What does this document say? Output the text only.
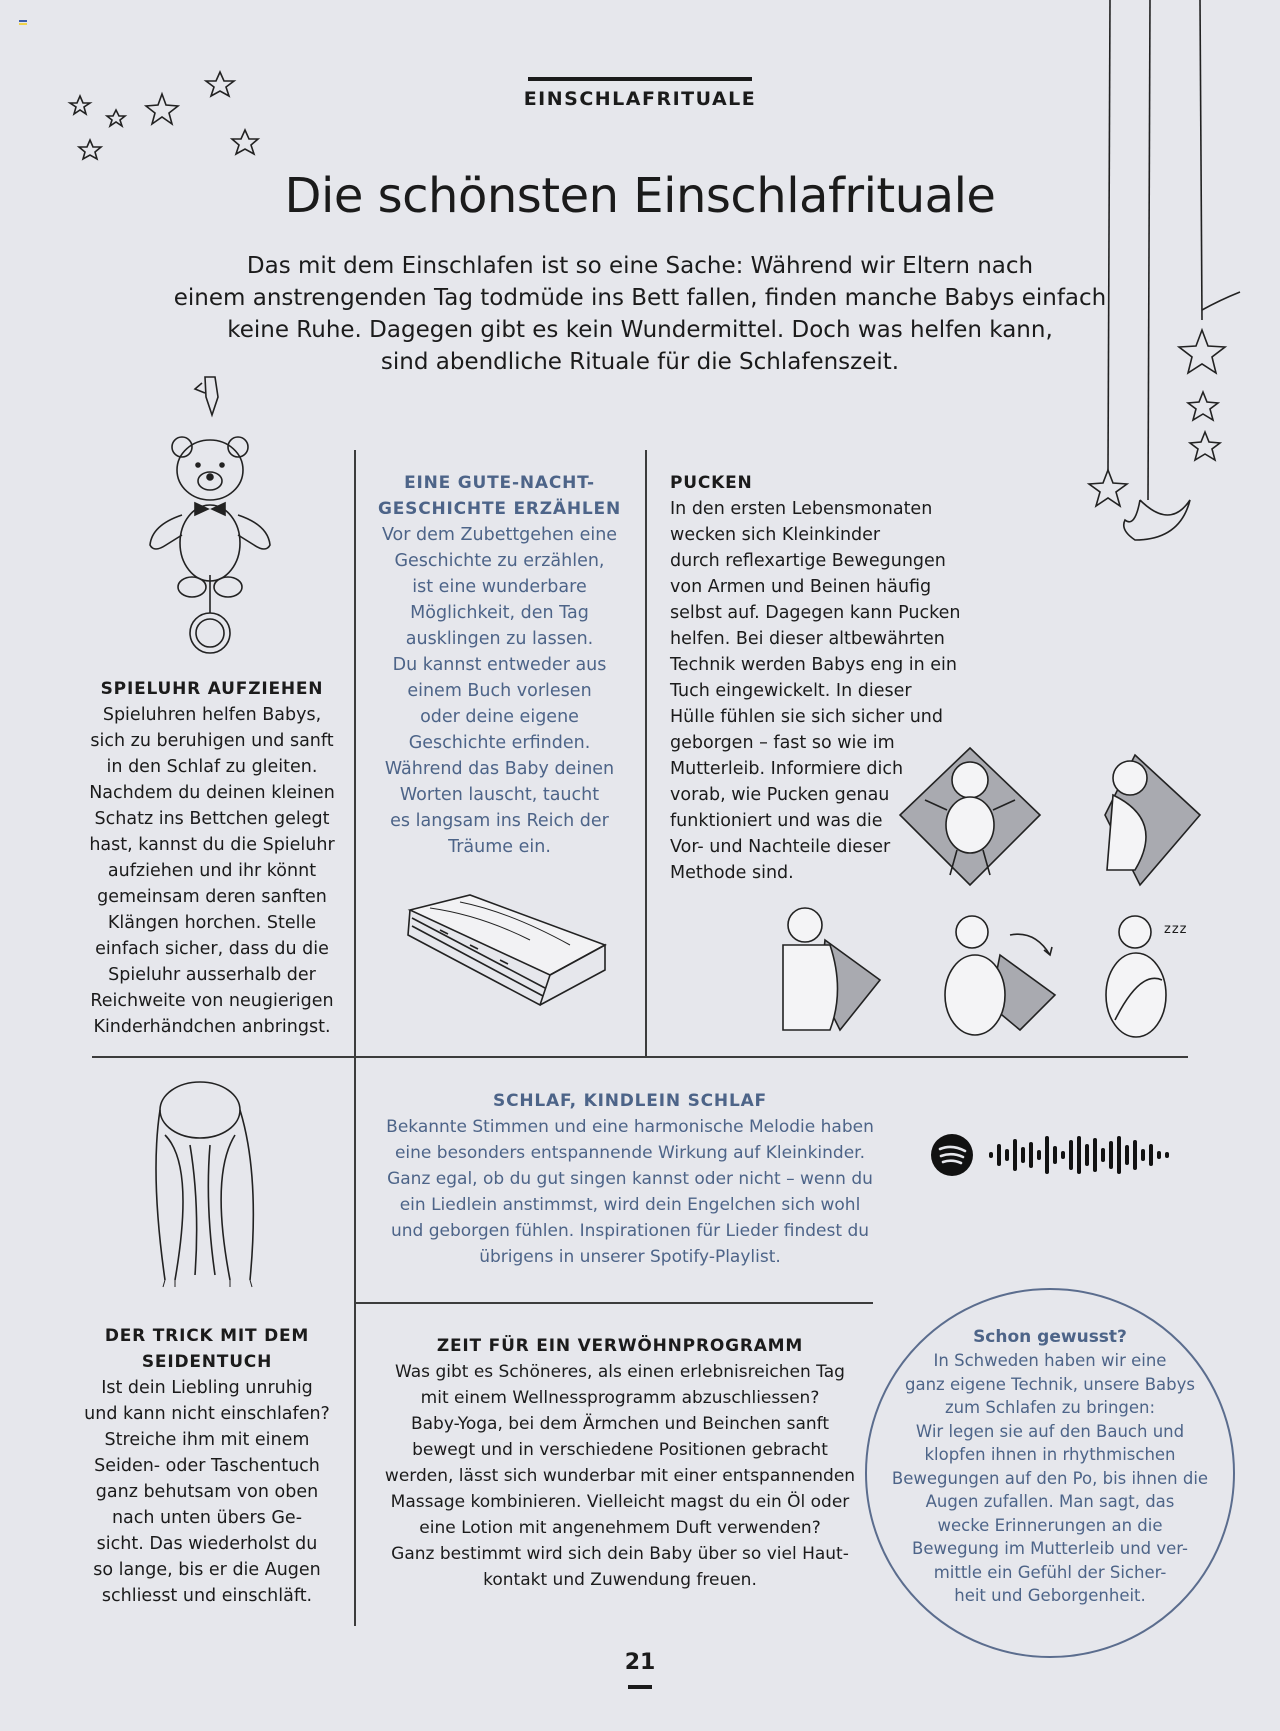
EINSCHLAFRITUALE
Die schönsten Einschlafrituale
Das mit dem Einschlafen ist so eine Sache: Während wir Eltern nach
einem anstrengenden Tag todmüde ins Bett fallen, finden manche Babys einfach
keine Ruhe. Dagegen gibt es kein Wundermittel. Doch was helfen kann,
sind abendliche Rituale für die Schlafenszeit.
SPIELUHR AUFZIEHEN
Spieluhren helfen Babys,
sich zu beruhigen und sanft
in den Schlaf zu gleiten.
Nachdem du deinen kleinen
Schatz ins Bettchen gelegt
hast, kannst du die Spieluhr
aufziehen und ihr könnt
gemeinsam deren sanften
Klängen horchen. Stelle
einfach sicher, dass du die
Spieluhr ausserhalb der
Reichweite von neugierigen
Kinderhändchen anbringst.
EINE GUTE-NACHT-
GESCHICHTE ERZÄHLEN
Vor dem Zubettgehen eine
Geschichte zu erzählen,
ist eine wunderbare
Möglichkeit, den Tag
ausklingen zu lassen.
Du kannst entweder aus
einem Buch vorlesen
oder deine eigene
Geschichte erfinden.
Während das Baby deinen
Worten lauscht, taucht
es langsam ins Reich der
Träume ein.
PUCKEN
In den ersten Lebensmonaten
wecken sich Kleinkinder
durch reflexartige Bewegungen
von Armen und Beinen häufig
selbst auf. Dagegen kann Pucken
helfen. Bei dieser altbewährten
Technik werden Babys eng in ein
Tuch eingewickelt. In dieser
Hülle fühlen sie sich sicher und
geborgen – fast so wie im
Mutterleib. Informiere dich
vorab, wie Pucken genau
funktioniert und was die
Vor- und Nachteile dieser
Methode sind.
zzz
DER TRICK MIT DEM
SEIDENTUCH
Ist dein Liebling unruhig
und kann nicht einschlafen?
Streiche ihm mit einem
Seiden- oder Taschentuch
ganz behutsam von oben
nach unten übers Ge-
sicht. Das wiederholst du
so lange, bis er die Augen
schliesst und einschläft.
SCHLAF, KINDLEIN SCHLAF
Bekannte Stimmen und eine harmonische Melodie haben
eine besonders entspannende Wirkung auf Kleinkinder.
Ganz egal, ob du gut singen kannst oder nicht – wenn du
ein Liedlein anstimmst, wird dein Engelchen sich wohl
und geborgen fühlen. Inspirationen für Lieder findest du
übrigens in unserer Spotify-Playlist.
ZEIT FÜR EIN VERWÖHNPROGRAMM
Was gibt es Schöneres, als einen erlebnisreichen Tag
mit einem Wellnessprogramm abzuschliessen?
Baby-Yoga, bei dem Ärmchen und Beinchen sanft
bewegt und in verschiedene Positionen gebracht
werden, lässt sich wunderbar mit einer entspannenden
Massage kombinieren. Vielleicht magst du ein Öl oder
eine Lotion mit angenehmem Duft verwenden?
Ganz bestimmt wird sich dein Baby über so viel Haut-
kontakt und Zuwendung freuen.
Schon gewusst?
In Schweden haben wir eine
ganz eigene Technik, unsere Babys
zum Schlafen zu bringen:
Wir legen sie auf den Bauch und
klopfen ihnen in rhythmischen
Bewegungen auf den Po, bis ihnen die
Augen zufallen. Man sagt, das
wecke Erinnerungen an die
Bewegung im Mutterleib und ver-
mittle ein Gefühl der Sicher-
heit und Geborgenheit.
21
